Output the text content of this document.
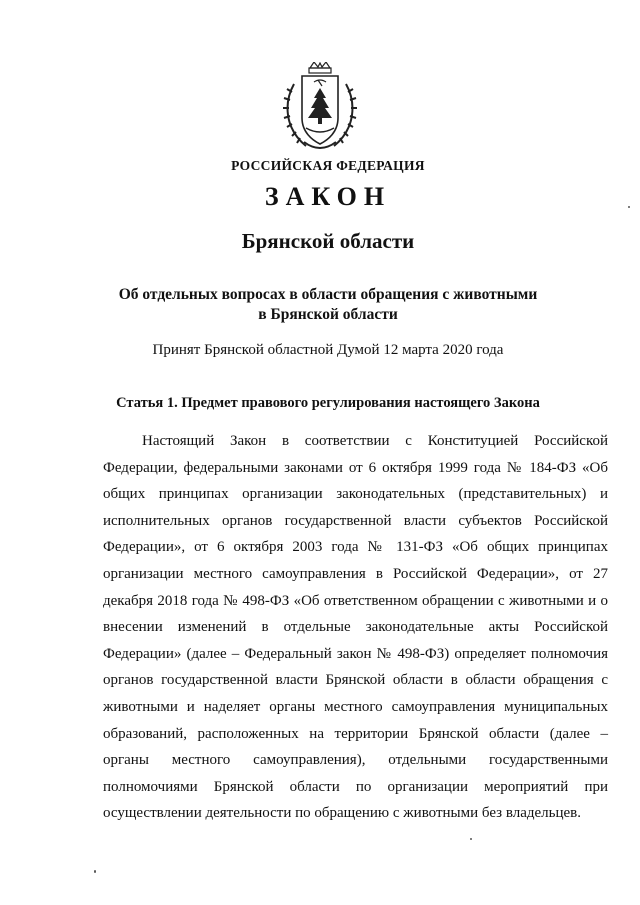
РОССИЙСКАЯ ФЕДЕРАЦИЯ
ЗАКОН
Брянской области
Об отдельных вопросах в области обращения с животными
в Брянской области
Принят Брянской областной Думой 12 марта 2020 года
Статья 1. Предмет правового регулирования настоящего Закона

Настоящий Закон в соответствии с Конституцией Российской Федерации, федеральными законами от 6 октября 1999 года № 184-ФЗ «Об общих принципах организации законодательных (представительных) и исполнительных органов государственной власти субъектов Российской Федерации», от 6 октября 2003 года № 131-ФЗ «Об общих принципах организации местного самоуправления в Российской Федерации», от 27 декабря 2018 года № 498-ФЗ «Об ответственном обращении с животными и о внесении изменений в отдельные законодательные акты Российской Федерации» (далее – Федеральный закон № 498-ФЗ) определяет полномочия органов государственной власти Брянской области в области обращения с животными и наделяет органы местного самоуправления муниципальных образований, расположенных на территории Брянской области (далее – органы местного самоуправления), отдельными государственными полномочиями Брянской области по организации мероприятий при осуществлении деятельности по обращению с животными без владельцев.
